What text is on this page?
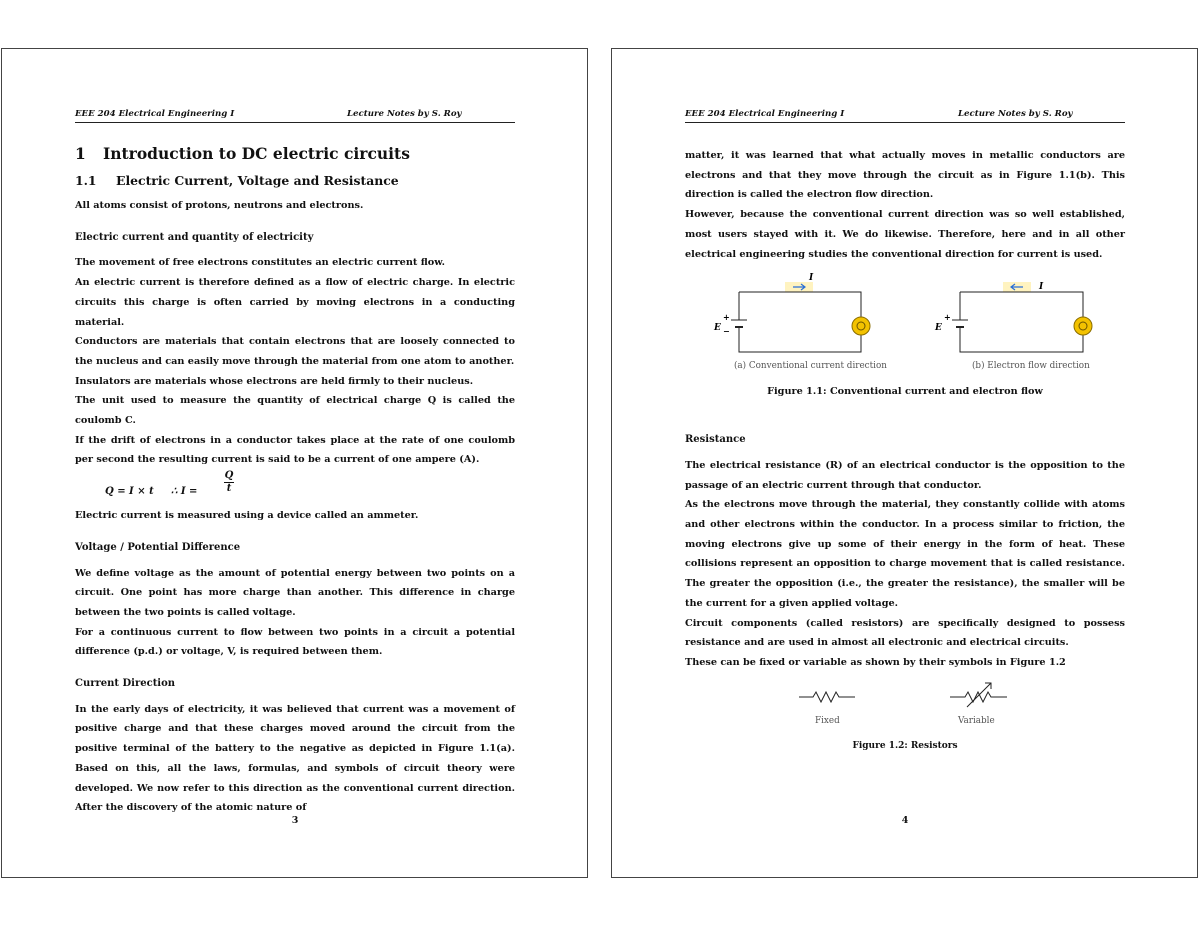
EEE 204 Electrical Engineering I	Lecture Notes by S. Roy

1 Introduction to DC electric circuits

1.1 Electric Current, Voltage and Resistance

All atoms consist of protons, neutrons and electrons.

Electric current and quantity of electricity

The movement of free electrons constitutes an electric current flow.

An electric current is therefore defined as a flow of electric charge. In electric circuits this charge is often carried by moving electrons in a conducting material.

Conductors are materials that contain electrons that are loosely connected to the nucleus and can easily move through the material from one atom to another.

Insulators are materials whose electrons are held firmly to their nucleus.

The unit used to measure the quantity of electrical charge Q is called the coulomb C.

If the drift of electrons in a conductor takes place at the rate of one coulomb per second the resulting current is said to be a current of one ampere (A).

Q = I × t ∴ I =
Q
t

Electric current is measured using a device called an ammeter.

Voltage / Potential Difference

We define voltage as the amount of potential energy between two points on a circuit. One point has more charge than another. This difference in charge between the two points is called voltage.

For a continuous current to flow between two points in a circuit a potential difference (p.d.) or voltage, V, is required between them.

Current Direction

In the early days of electricity, it was believed that current was a movement of positive charge and that these charges moved around the circuit from the positive terminal of the battery to the negative as depicted in Figure 1.1(a). Based on this, all the laws, formulas, and symbols of circuit theory were developed. We now refer to this direction as the conventional current direction. After the discovery of the atomic nature of

3
EEE 204 Electrical Engineering I	Lecture Notes by S. Roy

matter, it was learned that what actually moves in metallic conductors are electrons and that they move through the circuit as in Figure 1.1(b). This direction is called the electron flow direction.

However, because the conventional current direction was so well established, most users stayed with it. We do likewise. Therefore, here and in all other electrical engineering studies the conventional direction for current is used.

I
E
+
−
I
E
+
(a) Conventional current direction	(b) Electron flow direction
Figure 1.1: Conventional current and electron flow

Resistance

The electrical resistance (R) of an electrical conductor is the opposition to the passage of an electric current through that conductor.

As the electrons move through the material, they constantly collide with atoms and other electrons within the conductor. In a process similar to friction, the moving electrons give up some of their energy in the form of heat. These collisions represent an opposition to charge movement that is called resistance. The greater the opposition (i.e., the greater the resistance), the smaller will be the current for a given applied voltage.

Circuit components (called resistors) are specifically designed to possess resistance and are used in almost all electronic and electrical circuits.

These can be fixed or variable as shown by their symbols in Figure 1.2

Fixed	Variable
Figure 1.2: Resistors
4
